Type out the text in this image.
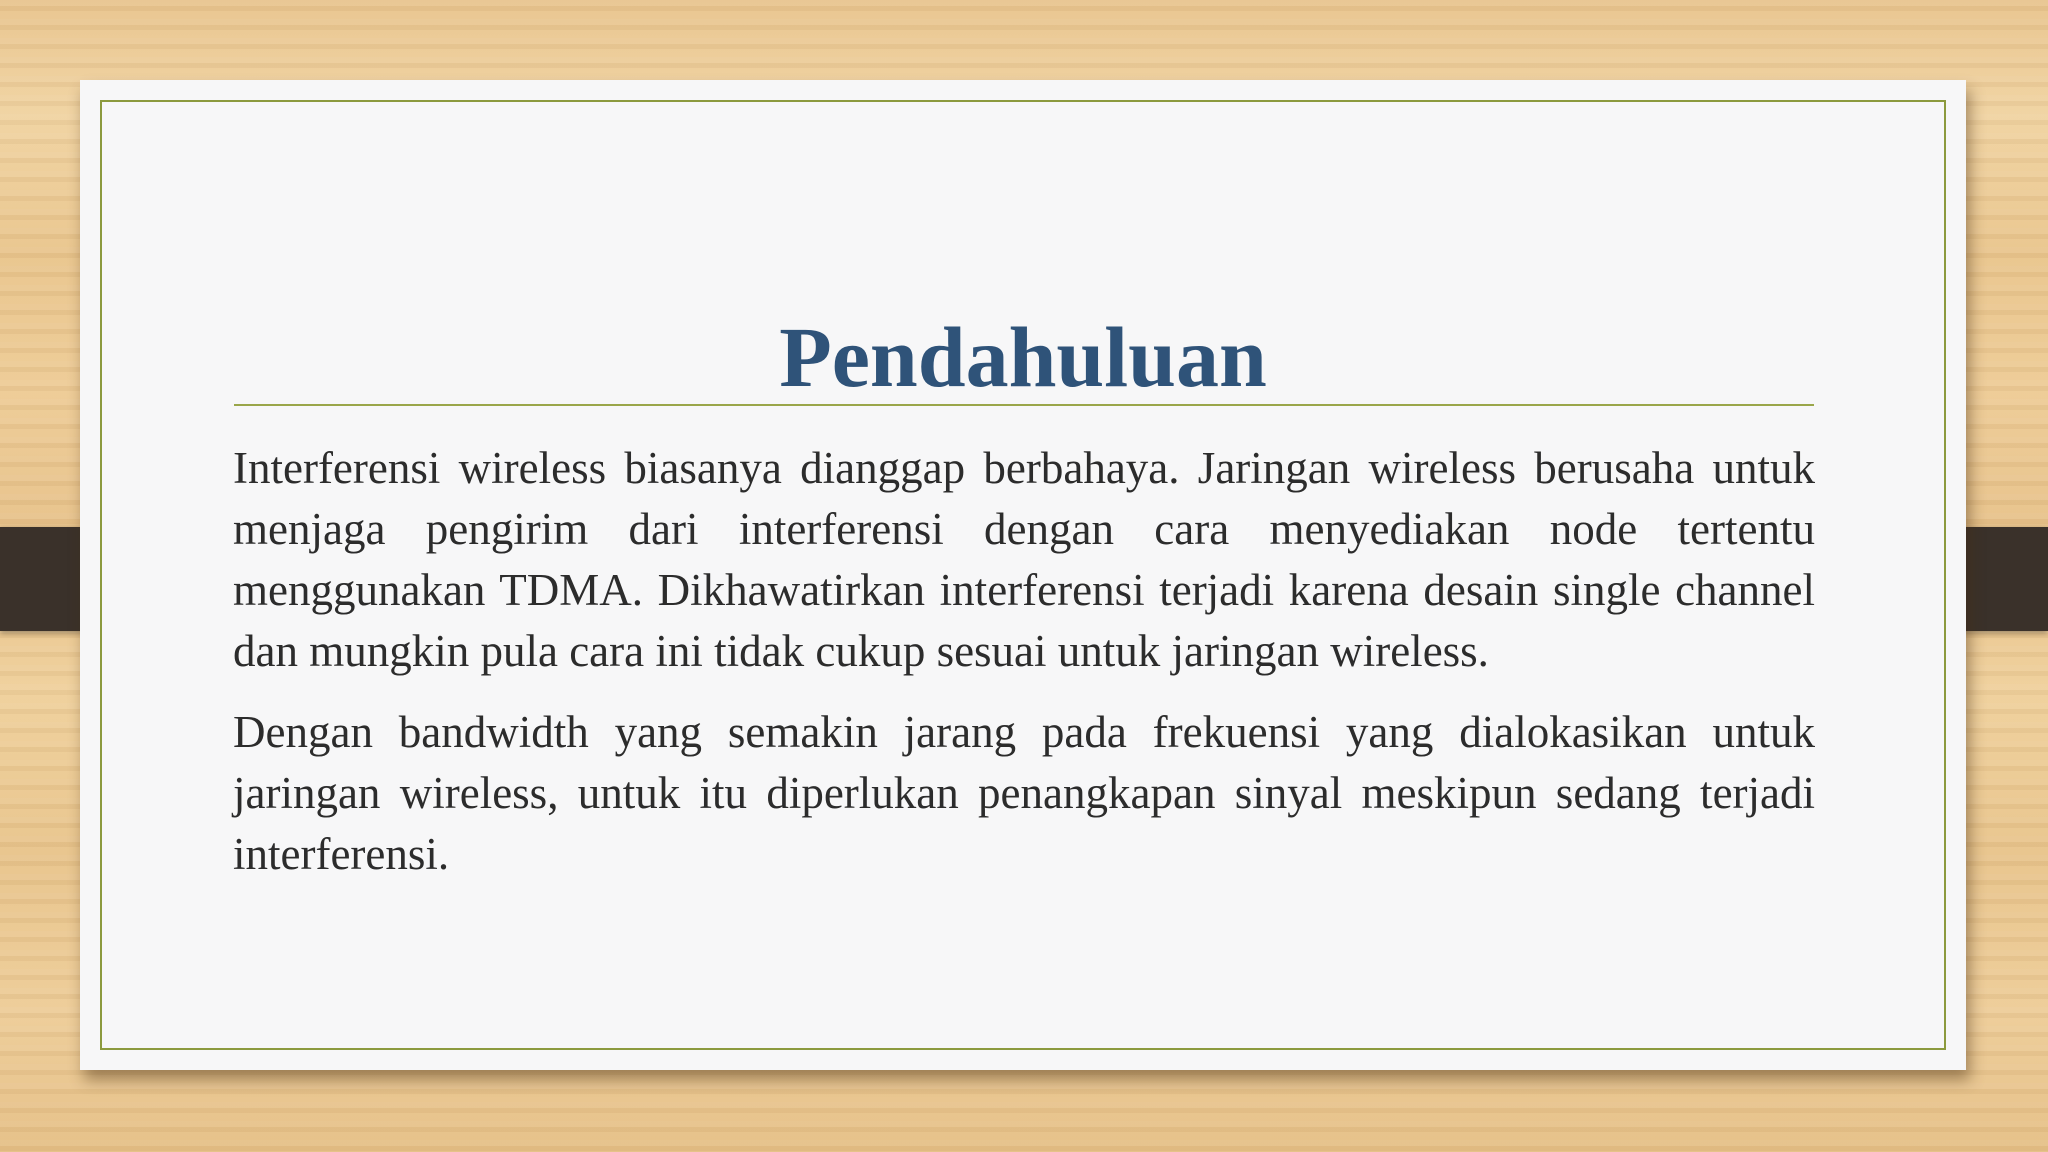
Pendahuluan

Interferensi wireless biasanya dianggap berbahaya. Jaringan wireless berusaha untuk menjaga pengirim dari interferensi dengan cara menyediakan node tertentu menggunakan TDMA. Dikhawatirkan interferensi terjadi karena desain single channel dan mungkin pula cara ini tidak cukup sesuai untuk jaringan wireless.

Dengan bandwidth yang semakin jarang pada frekuensi yang dialokasikan untuk jaringan wireless, untuk itu diperlukan penangkapan sinyal meskipun sedang terjadi interferensi.
